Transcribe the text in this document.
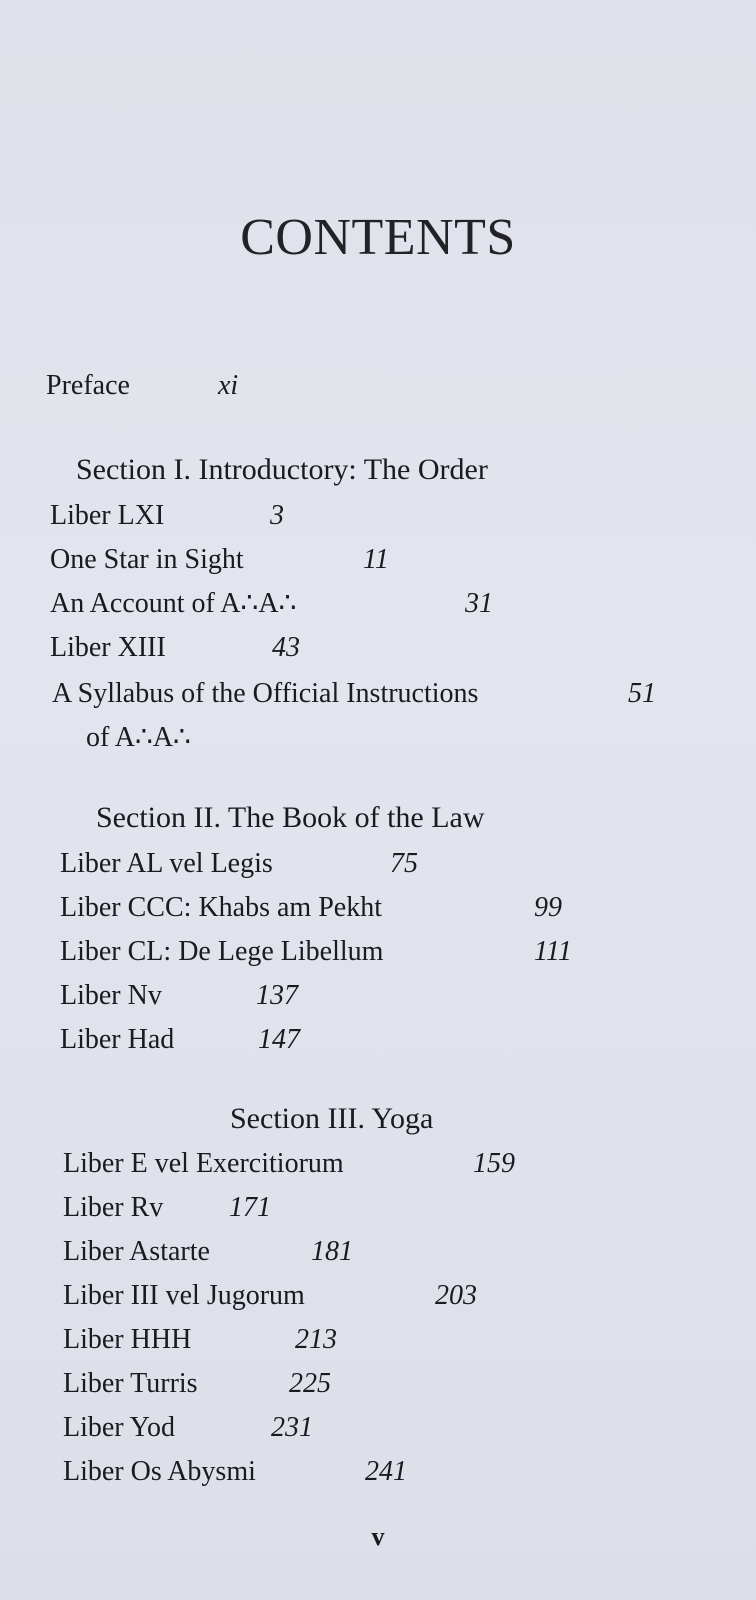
CONTENTS
Preface	xi
Section I. Introductory: The Order
Liber LXI	3
One Star in Sight	11
An Account of A∴A∴	31
Liber XIII	43
A Syllabus of the Official Instructions	51
of A∴A∴
Section II. The Book of the Law
Liber AL vel Legis	75
Liber CCC: Khabs am Pekht	99
Liber CL: De Lege Libellum	111
Liber Nv	137
Liber Had	147
Section III. Yoga
Liber E vel Exercitiorum	159
Liber Rv 171
Liber Astarte	181
Liber III vel Jugorum	203
Liber HHH	213
Liber Turris	225
Liber Yod	231
Liber Os Abysmi	241
v
